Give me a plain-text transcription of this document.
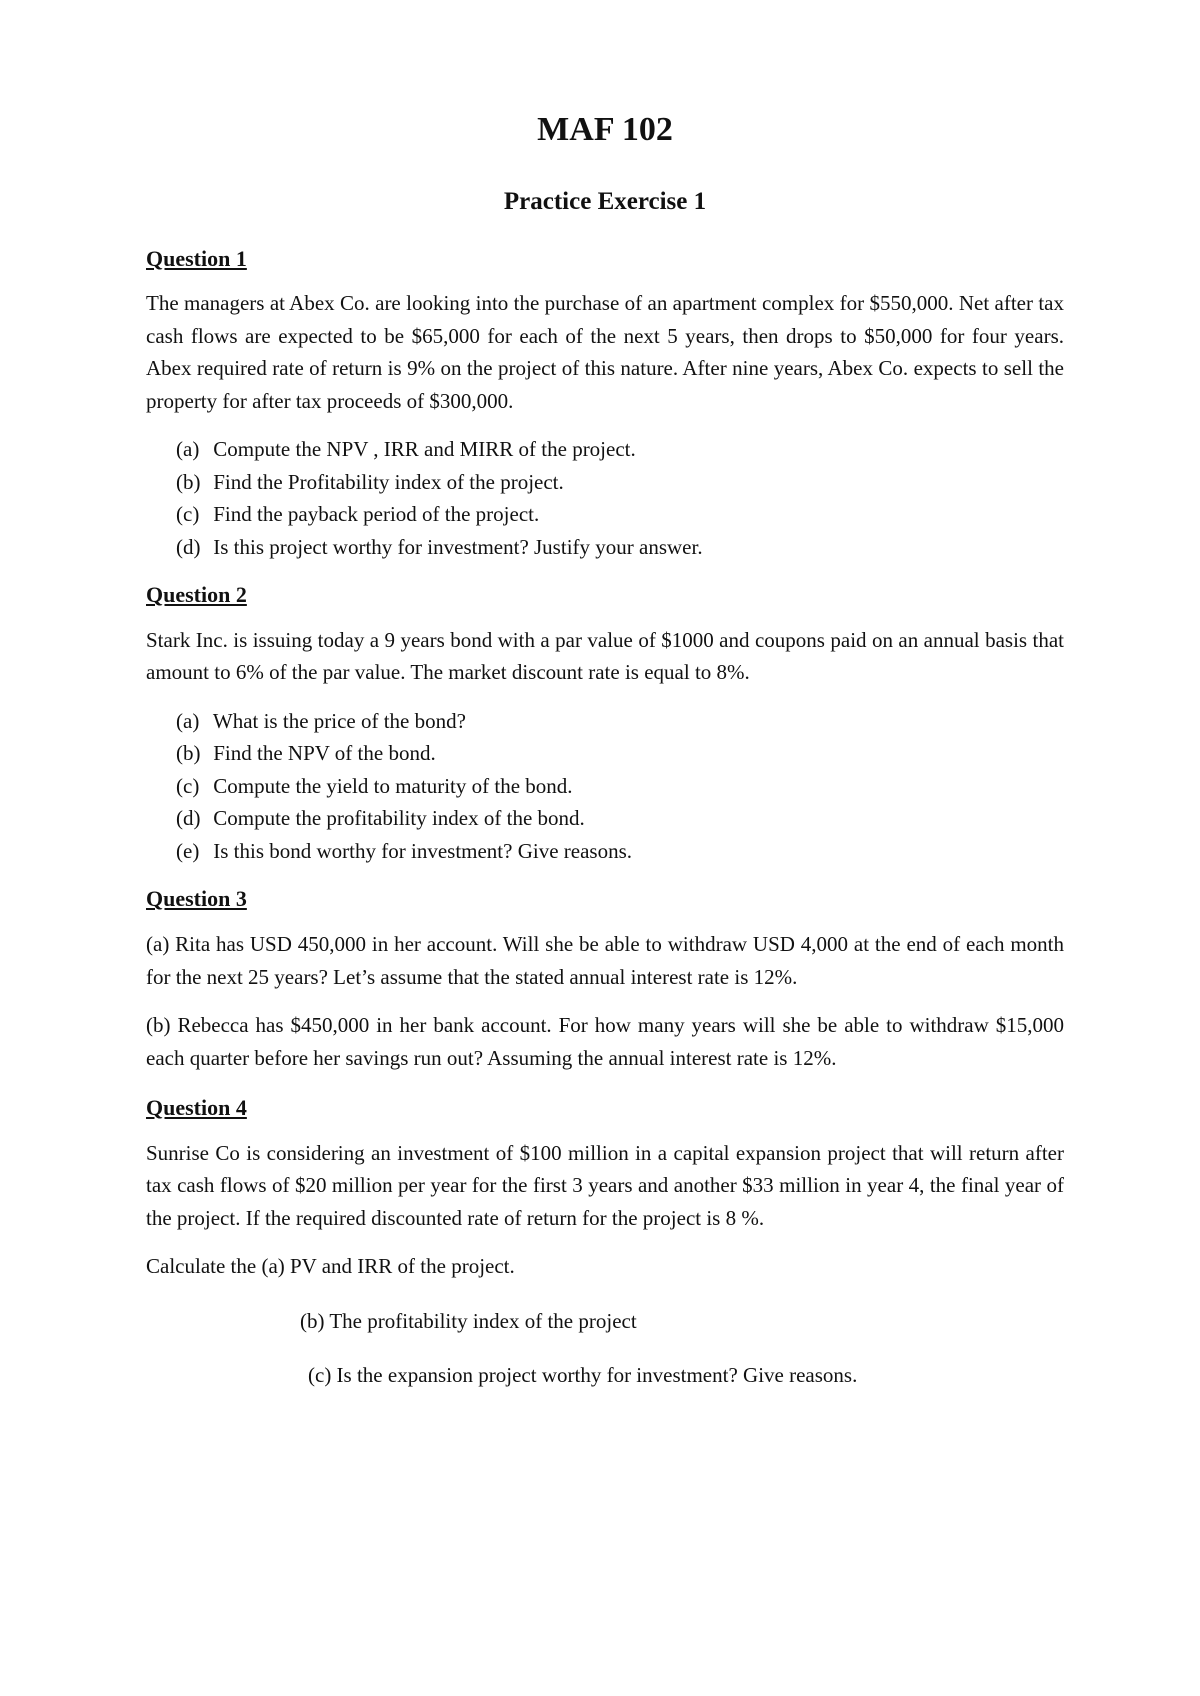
MAF 102
Practice Exercise 1
Question 1

The managers at Abex Co. are looking into the purchase of an apartment complex for $550,000. Net after tax cash flows are expected to be $65,000 for each of the next 5 years, then drops to $50,000 for four years. Abex required rate of return is 9% on the project of this nature. After nine years, Abex Co. expects to sell the property for after tax proceeds of $300,000.

(a) Compute the NPV , IRR and MIRR of the project.
(b) Find the Profitability index of the project.
(c) Find the payback period of the project.
(d) Is this project worthy for investment? Justify your answer.
Question 2

Stark Inc. is issuing today a 9 years bond with a par value of $1000 and coupons paid on an annual basis that amount to 6% of the par value. The market discount rate is equal to 8%.

(a) What is the price of the bond?
(b) Find the NPV of the bond.
(c) Compute the yield to maturity of the bond.
(d) Compute the profitability index of the bond.
(e) Is this bond worthy for investment? Give reasons.
Question 3

(a) Rita has USD 450,000 in her account. Will she be able to withdraw USD 4,000 at the end of each month for the next 25 years? Let’s assume that the stated annual interest rate is 12%.

(b) Rebecca has $450,000 in her bank account. For how many years will she be able to withdraw $15,000 each quarter before her savings run out? Assuming the annual interest rate is 12%.

Question 4

Sunrise Co is considering an investment of $100 million in a capital expansion project that will return after tax cash flows of $20 million per year for the first 3 years and another $33 million in year 4, the final year of the project. If the required discounted rate of return for the project is 8 %.

Calculate the (a) PV and IRR of the project.
(b) The profitability index of the project
(c) Is the expansion project worthy for investment? Give reasons.
